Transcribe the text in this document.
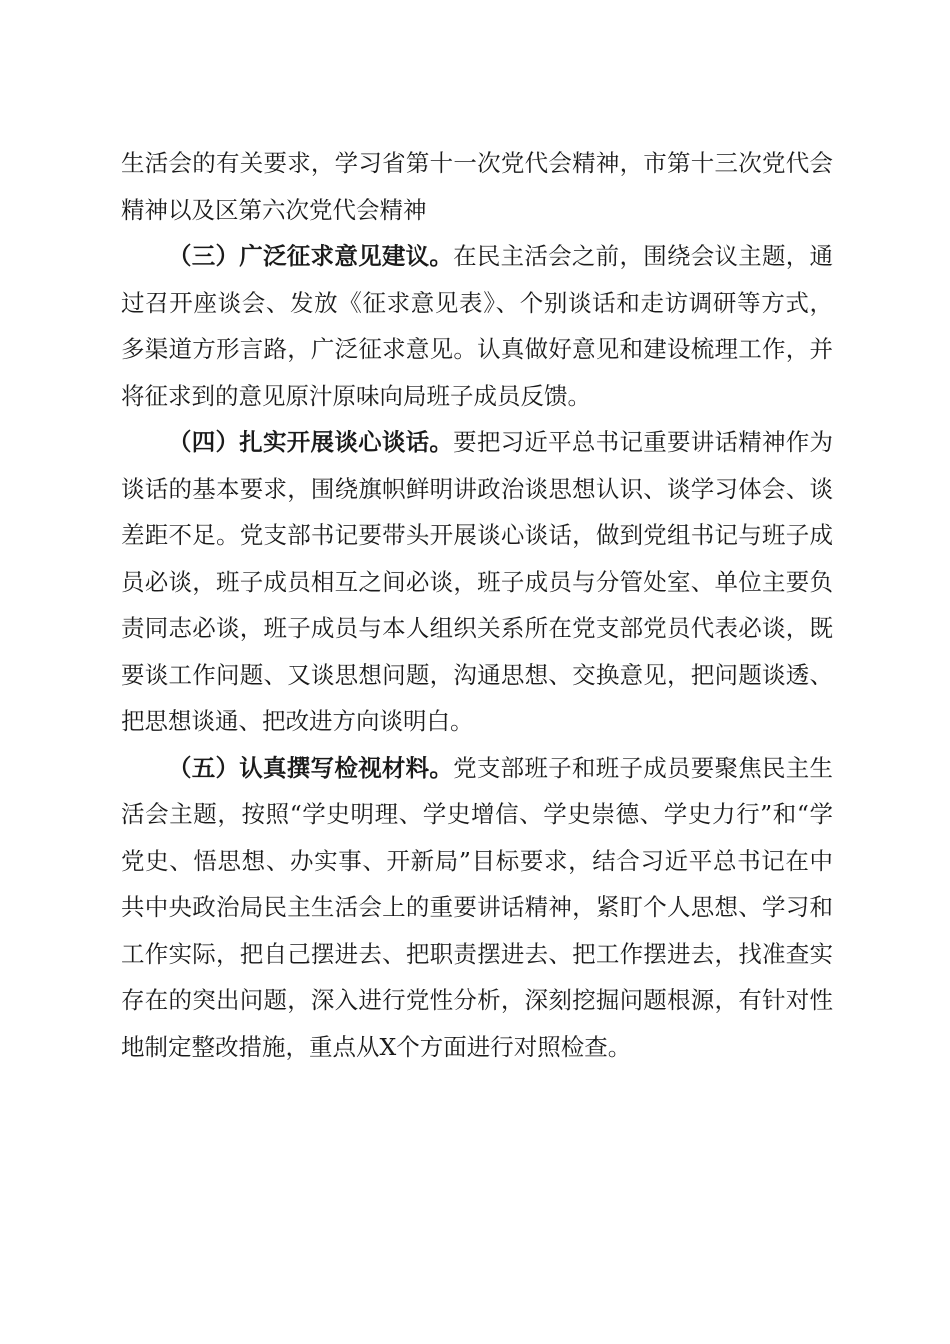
生活会的有关要求，学习省第十一次党代会精神，市第十三次党代会精神以及区第六次党代会精神

（三）广泛征求意见建议。在民主活会之前，围绕会议主题，通过召开座谈会、发放《征求意见表》、个别谈话和走访调研等方式，多渠道方形言路，广泛征求意见。认真做好意见和建设梳理工作，并将征求到的意见原汁原味向局班子成员反馈。

（四）扎实开展谈心谈话。要把习近平总书记重要讲话精神作为谈话的基本要求，围绕旗帜鲜明讲政治谈思想认识、谈学习体会、谈差距不足。党支部书记要带头开展谈心谈话，做到党组书记与班子成员必谈，班子成员相互之间必谈，班子成员与分管处室、单位主要负责同志必谈，班子成员与本人组织关系所在党支部党员代表必谈，既要谈工作问题、又谈思想问题，沟通思想、交换意见，把问题谈透、把思想谈通、把改进方向谈明白。

（五）认真撰写检视材料。党支部班子和班子成员要聚焦民主生活会主题，按照“学史明理、学史增信、学史崇德、学史力行”和“学党史、悟思想、办实事、开新局”目标要求，结合习近平总书记在中共中央政治局民主生活会上的重要讲话精神，紧盯个人思想、学习和工作实际，把自己摆进去、把职责摆进去、把工作摆进去，找准查实存在的突出问题，深入进行党性分析，深刻挖掘问题根源，有针对性地制定整改措施，重点从X个方面进行对照检查。
